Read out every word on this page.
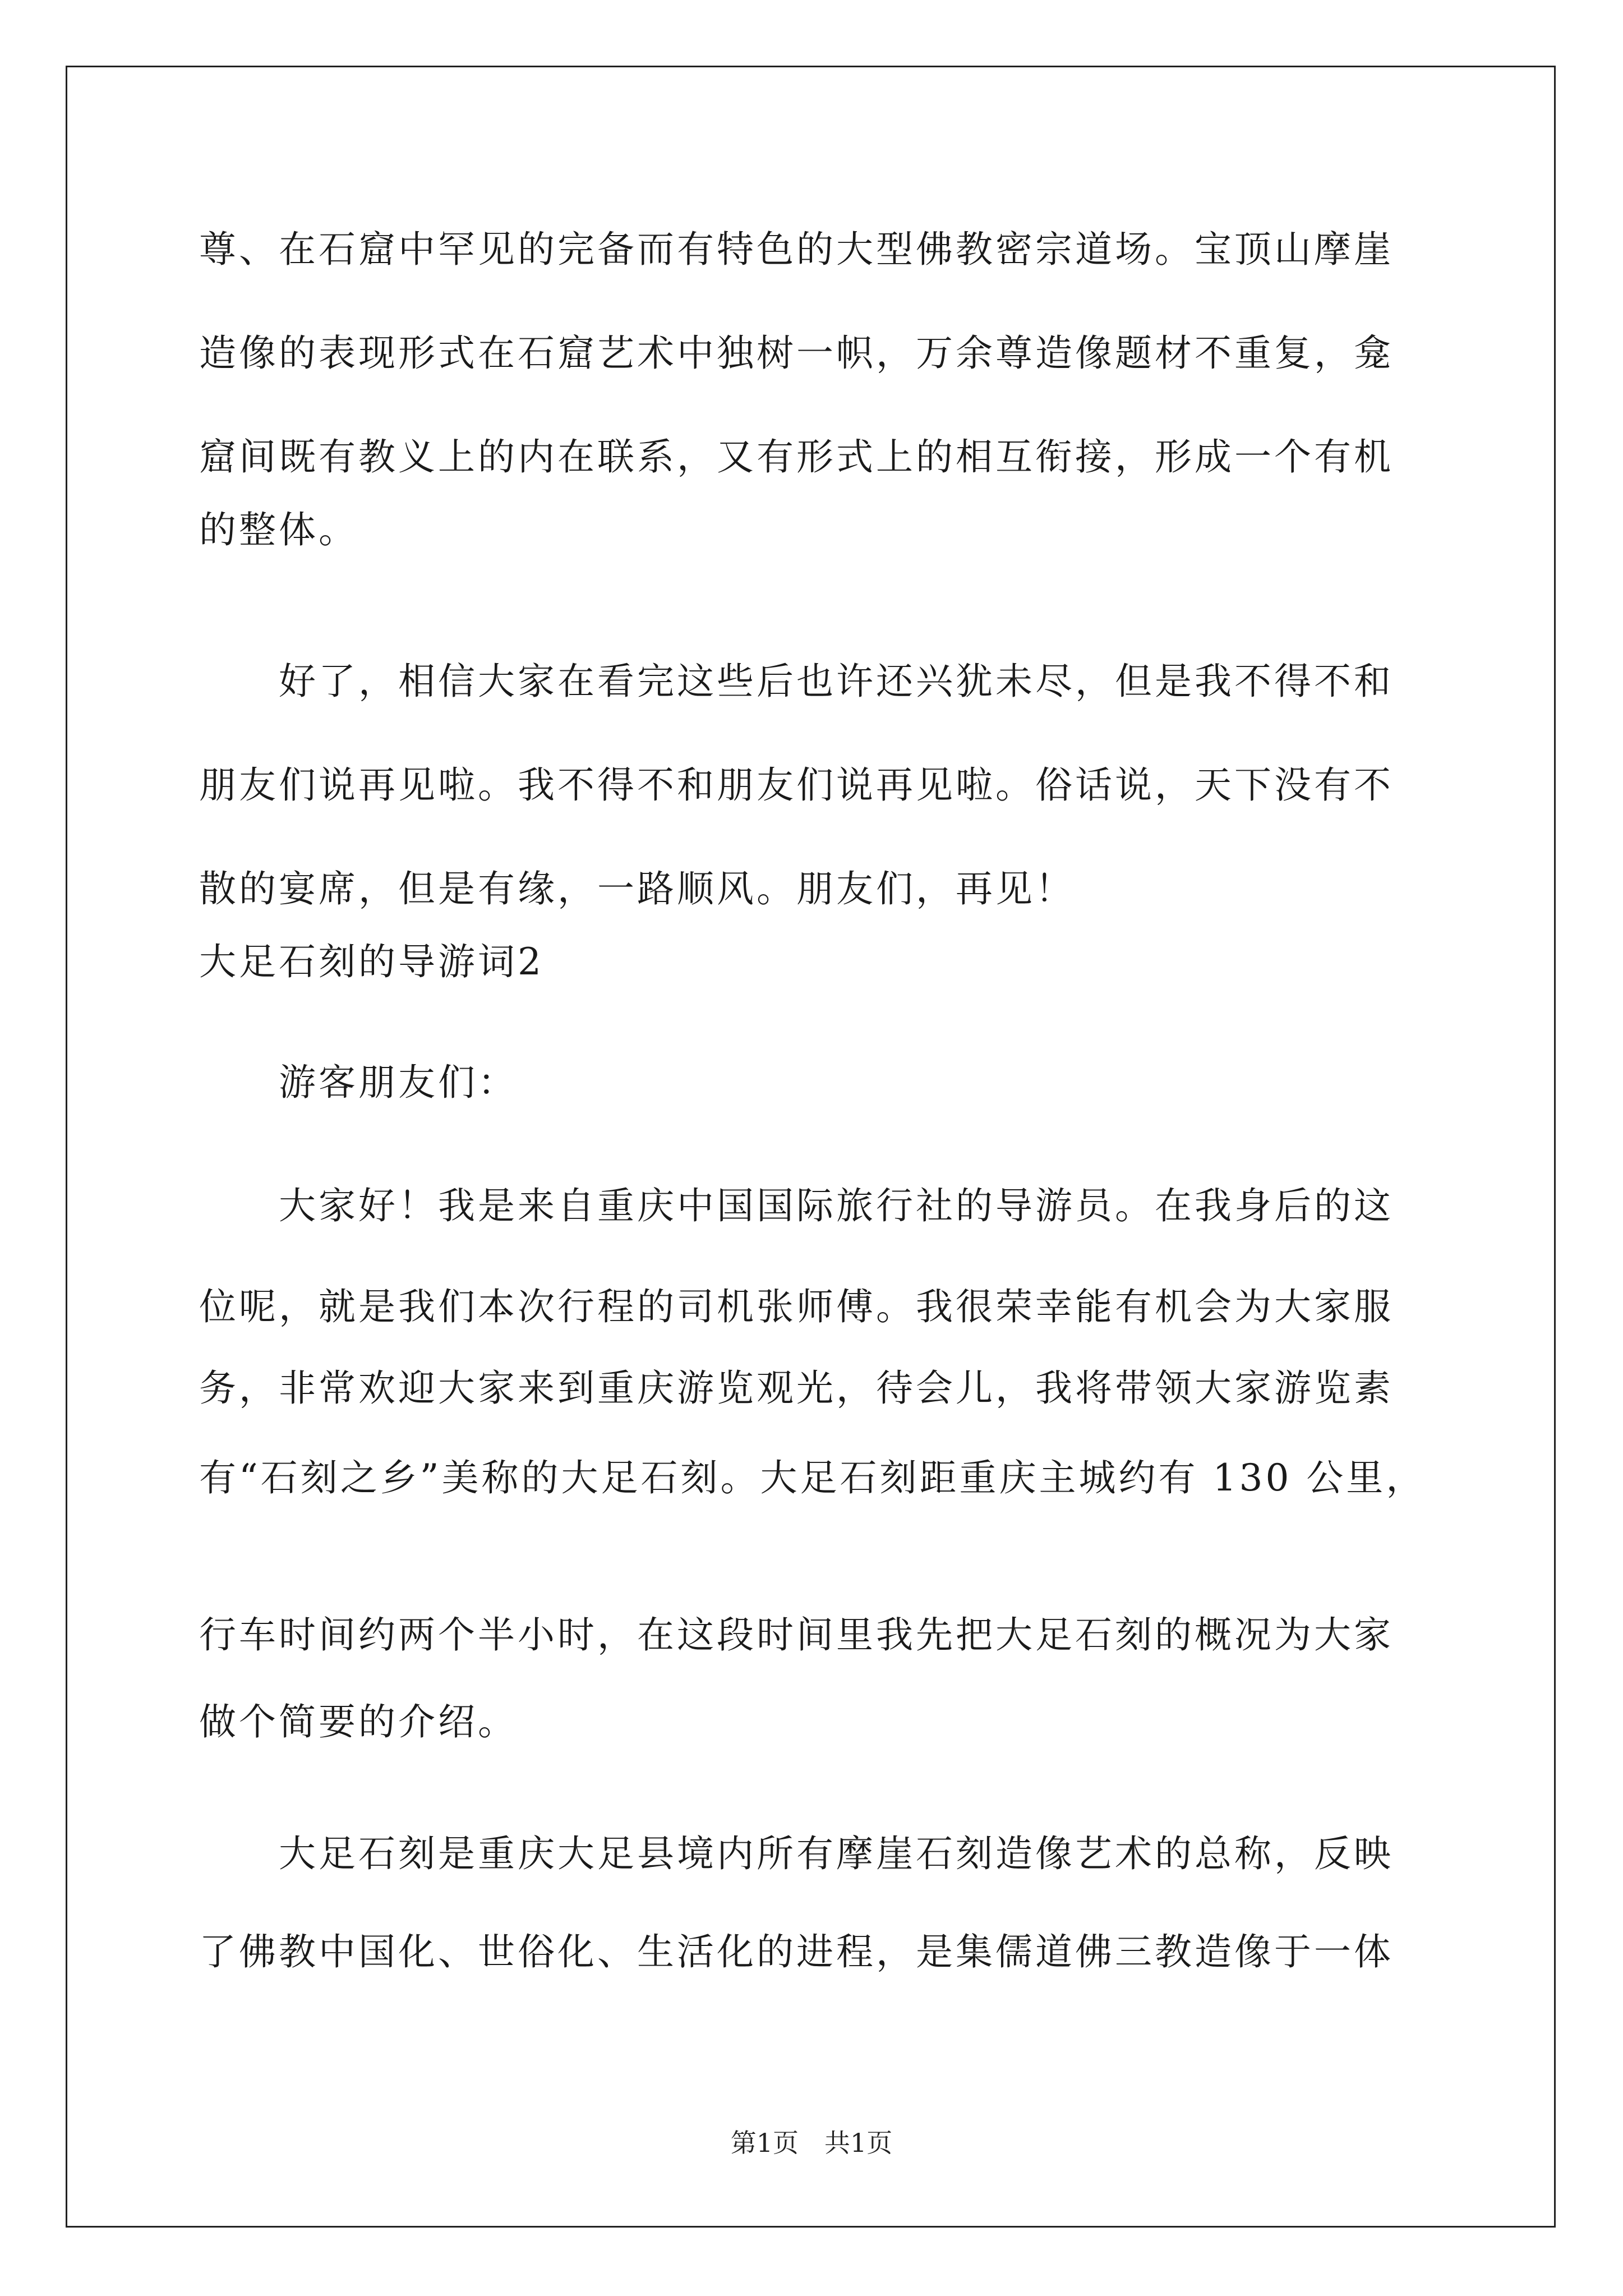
尊、在石窟中罕见的完备而有特色的大型佛教密宗道场。宝顶山摩崖
造像的表现形式在石窟艺术中独树一帜，万余尊造像题材不重复，龛
窟间既有教义上的内在联系，又有形式上的相互衔接，形成一个有机
的整体。
　　好了，相信大家在看完这些后也许还兴犹未尽，但是我不得不和
朋友们说再见啦。我不得不和朋友们说再见啦。俗话说，天下没有不
散的宴席，但是有缘，一路顺风。朋友们，再见！
大足石刻的导游词2
　　游客朋友们：
　　大家好！我是来自重庆中国国际旅行社的导游员。在我身后的这
位呢，就是我们本次行程的司机张师傅。我很荣幸能有机会为大家服
务，非常欢迎大家来到重庆游览观光，待会儿，我将带领大家游览素
有“石刻之乡”美称的大足石刻。大足石刻距重庆主城约有 130 公里，
行车时间约两个半小时，在这段时间里我先把大足石刻的概况为大家
做个简要的介绍。
　　大足石刻是重庆大足县境内所有摩崖石刻造像艺术的总称，反映
了佛教中国化、世俗化、生活化的进程，是集儒道佛三教造像于一体
第1页　共1页
